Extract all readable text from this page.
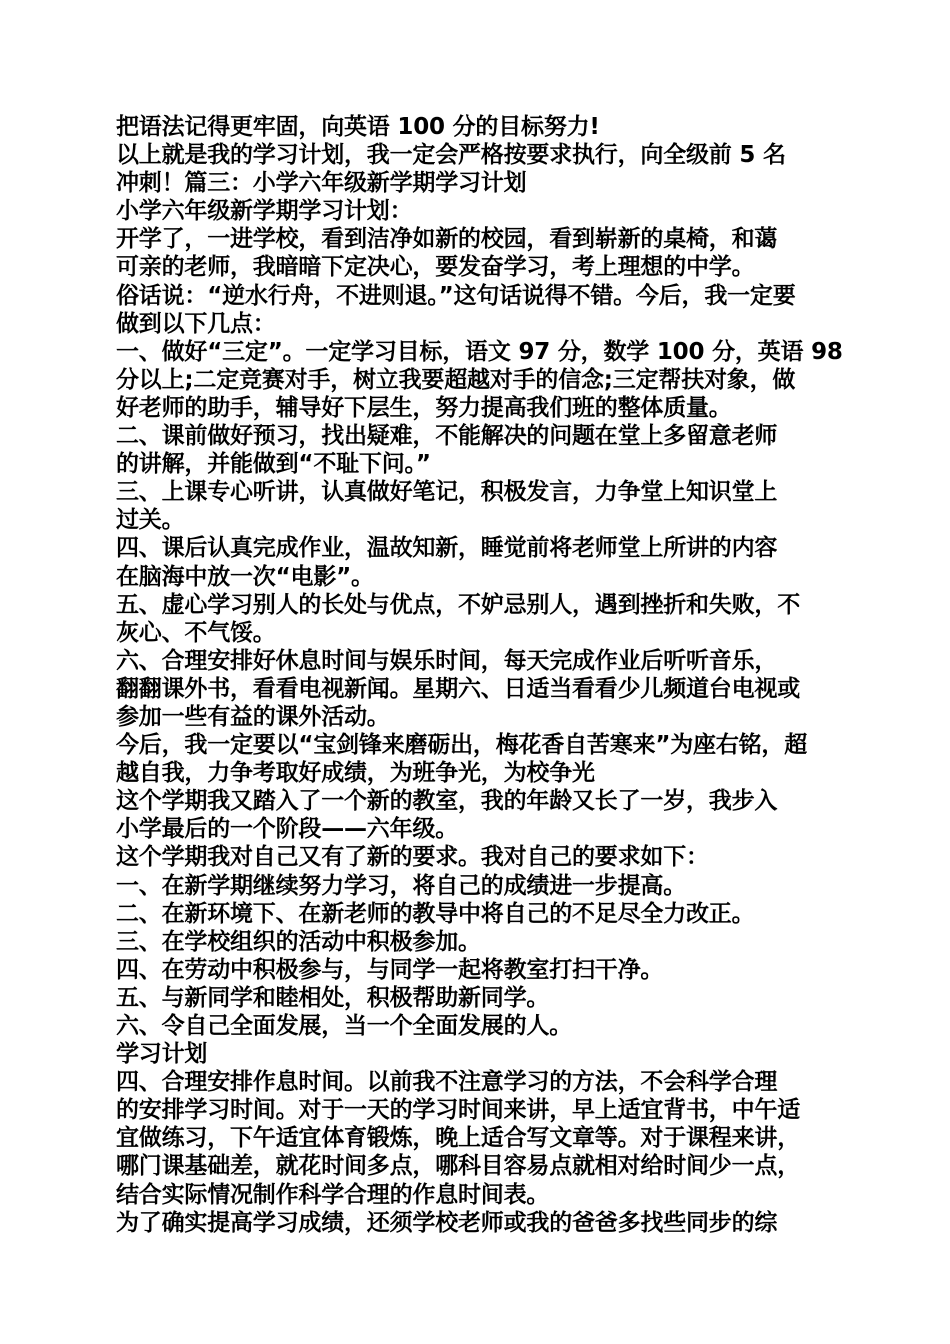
把语法记得更牢固，向英语 100 分的目标努力!
以上就是我的学习计划，我一定会严格按要求执行，向全级前 5 名
冲刺！篇三：小学六年级新学期学习计划
小学六年级新学期学习计划：
开学了，一进学校，看到洁净如新的校园，看到崭新的桌椅，和蔼
可亲的老师，我暗暗下定决心，要发奋学习，考上理想的中学。
俗话说：“逆水行舟，不进则退。”这句话说得不错。今后，我一定要
做到以下几点：
一、做好“三定”。一定学习目标，语文 97 分，数学 100 分，英语 98
分以上;二定竞赛对手，树立我要超越对手的信念;三定帮扶对象，做
好老师的助手，辅导好下层生，努力提高我们班的整体质量。
二、课前做好预习，找出疑难，不能解决的问题在堂上多留意老师
的讲解，并能做到“不耻下问。”
三、上课专心听讲，认真做好笔记，积极发言，力争堂上知识堂上
过关。
四、课后认真完成作业，温故知新，睡觉前将老师堂上所讲的内容
在脑海中放一次“电影”。
五、虚心学习别人的长处与优点，不妒忌别人，遇到挫折和失败，不
灰心、不气馁。
六、合理安排好休息时间与娱乐时间，每天完成作业后听听音乐，
翻翻课外书，看看电视新闻。星期六、日适当看看少儿频道台电视或
参加一些有益的课外活动。
今后，我一定要以“宝剑锋来磨砺出，梅花香自苦寒来”为座右铭，超
越自我，力争考取好成绩，为班争光，为校争光
这个学期我又踏入了一个新的教室，我的年龄又长了一岁，我步入
小学最后的一个阶段——六年级。
这个学期我对自己又有了新的要求。我对自己的要求如下：
一、在新学期继续努力学习，将自己的成绩进一步提高。
二、在新环境下、在新老师的教导中将自己的不足尽全力改正。
三、在学校组织的活动中积极参加。
四、在劳动中积极参与，与同学一起将教室打扫干净。
五、与新同学和睦相处，积极帮助新同学。
六、令自己全面发展，当一个全面发展的人。
学习计划
四、合理安排作息时间。以前我不注意学习的方法，不会科学合理
的安排学习时间。对于一天的学习时间来讲，早上适宜背书，中午适
宜做练习，下午适宜体育锻炼，晚上适合写文章等。对于课程来讲，
哪门课基础差，就花时间多点，哪科目容易点就相对给时间少一点，
结合实际情况制作科学合理的作息时间表。
为了确实提高学习成绩，还须学校老师或我的爸爸多找些同步的综
